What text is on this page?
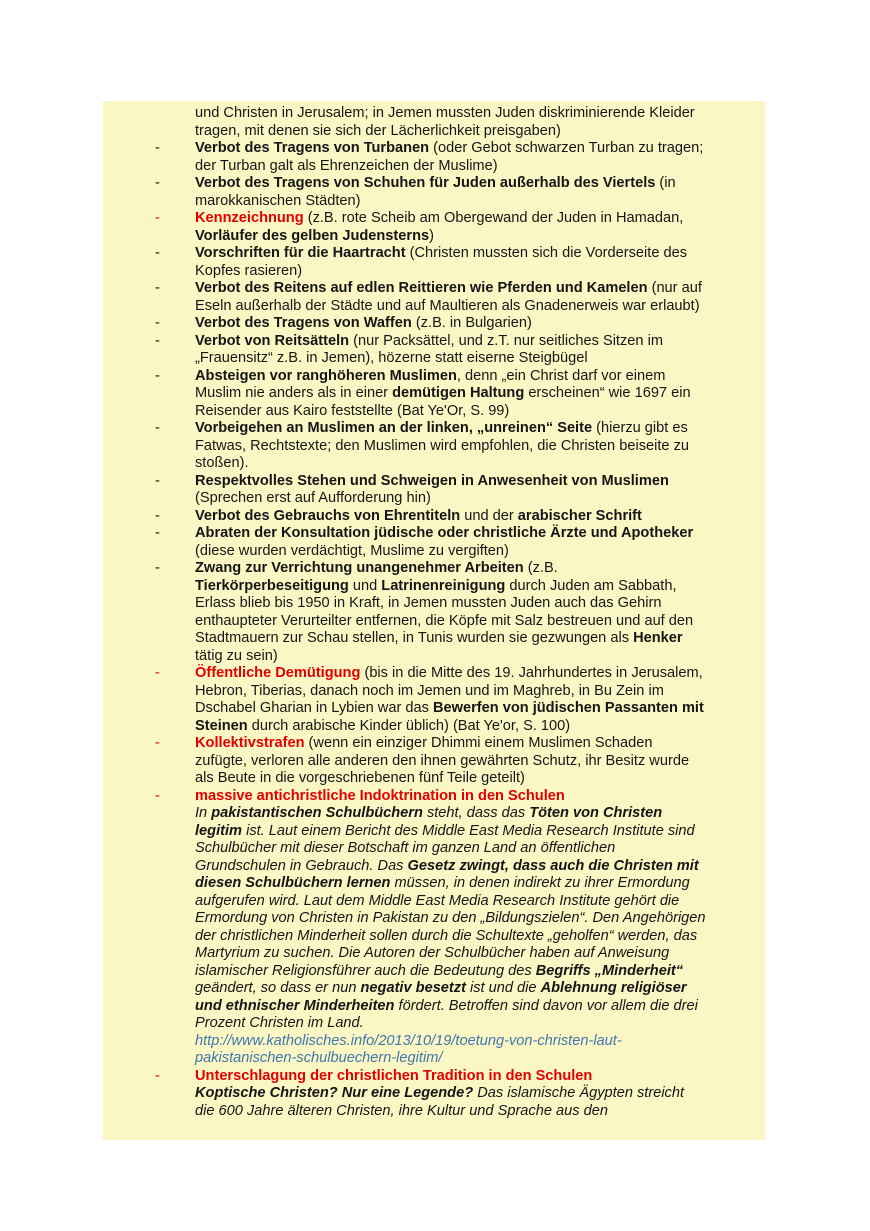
und Christen in Jerusalem; in Jemen mussten Juden diskriminierende Kleider tragen, mit denen sie sich der Lächerlichkeit preisgaben)
- Verbot des Tragens von Turbanen (oder Gebot schwarzen Turban zu tragen; der Turban galt als Ehrenzeichen der Muslime)
- Verbot des Tragens von Schuhen für Juden außerhalb des Viertels (in marokkanischen Städten)
- Kennzeichnung (z.B. rote Scheib am Obergewand der Juden in Hamadan, Vorläufer des gelben Judensterns)
- Vorschriften für die Haartracht (Christen mussten sich die Vorderseite des Kopfes rasieren)
- Verbot des Reitens auf edlen Reittieren wie Pferden und Kamelen (nur auf Eseln außerhalb der Städte und auf Maultieren als Gnadenerweis war erlaubt)
- Verbot des Tragens von Waffen (z.B. in Bulgarien)
- Verbot von Reitsätteln (nur Packsättel, und z.T. nur seitliches Sitzen im „Frauensitz“ z.B. in Jemen), hözerne statt eiserne Steigbügel
- Absteigen vor ranghöheren Muslimen, denn „ein Christ darf vor einem Muslim nie anders als in einer demütigen Haltung erscheinen“ wie 1697 ein Reisender aus Kairo feststellte (Bat Ye'Or, S. 99)
- Vorbeigehen an Muslimen an der linken, „unreinen“ Seite (hierzu gibt es Fatwas, Rechtstexte; den Muslimen wird empfohlen, die Christen beiseite zu stoßen).
- Respektvolles Stehen und Schweigen in Anwesenheit von Muslimen (Sprechen erst auf Aufforderung hin)
- Verbot des Gebrauchs von Ehrentiteln und der arabischer Schrift
- Abraten der Konsultation jüdische oder christliche Ärzte und Apotheker (diese wurden verdächtigt, Muslime zu vergiften)
- Zwang zur Verrichtung unangenehmer Arbeiten (z.B. Tierkörperbeseitigung und Latrinenreinigung durch Juden am Sabbath, Erlass blieb bis 1950 in Kraft, in Jemen mussten Juden auch das Gehirn enthaupteter Verurteilter entfernen, die Köpfe mit Salz bestreuen und auf den Stadtmauern zur Schau stellen, in Tunis wurden sie gezwungen als Henker tätig zu sein)
- Öffentliche Demütigung (bis in die Mitte des 19. Jahrhundertes in Jerusalem, Hebron, Tiberias, danach noch im Jemen und im Maghreb, in Bu Zein im Dschabel Gharian in Lybien war das Bewerfen von jüdischen Passanten mit Steinen durch arabische Kinder üblich) (Bat Ye'or, S. 100)
- Kollektivstrafen (wenn ein einziger Dhimmi einem Muslimen Schaden zufügte, verloren alle anderen den ihnen gewährten Schutz, ihr Besitz wurde als Beute in die vorgeschriebenen fünf Teile geteilt)
- massive antichristliche Indoktrination in den Schulen
In pakistantischen Schulbüchern steht, dass das Töten von Christen legitim ist. Laut einem Bericht des Middle East Media Research Institute sind Schulbücher mit dieser Botschaft im ganzen Land an öffentlichen Grundschulen in Gebrauch. Das Gesetz zwingt, dass auch die Christen mit diesen Schulbüchern lernen müssen, in denen indirekt zu ihrer Ermordung aufgerufen wird. Laut dem Middle East Media Research Institute gehört die Ermordung von Christen in Pakistan zu den „Bildungszielen“. Den Angehörigen der christlichen Minderheit sollen durch die Schultexte „geholfen“ werden, das Martyrium zu suchen. Die Autoren der Schulbücher haben auf Anweisung islamischer Religionsführer auch die Bedeutung des Begriffs „Minderheit“ geändert, so dass er nun negativ besetzt ist und die Ablehnung religiöser und ethnischer Minderheiten fördert. Betroffen sind davon vor allem die drei Prozent Christen im Land.
http://www.katholisches.info/2013/10/19/toetung-von-christen-laut-pakistanischen-schulbuechern-legitim/
- Unterschlagung der christlichen Tradition in den Schulen
Koptische Christen? Nur eine Legende? Das islamische Ägypten streicht die 600 Jahre älteren Christen, ihre Kultur und Sprache aus den
